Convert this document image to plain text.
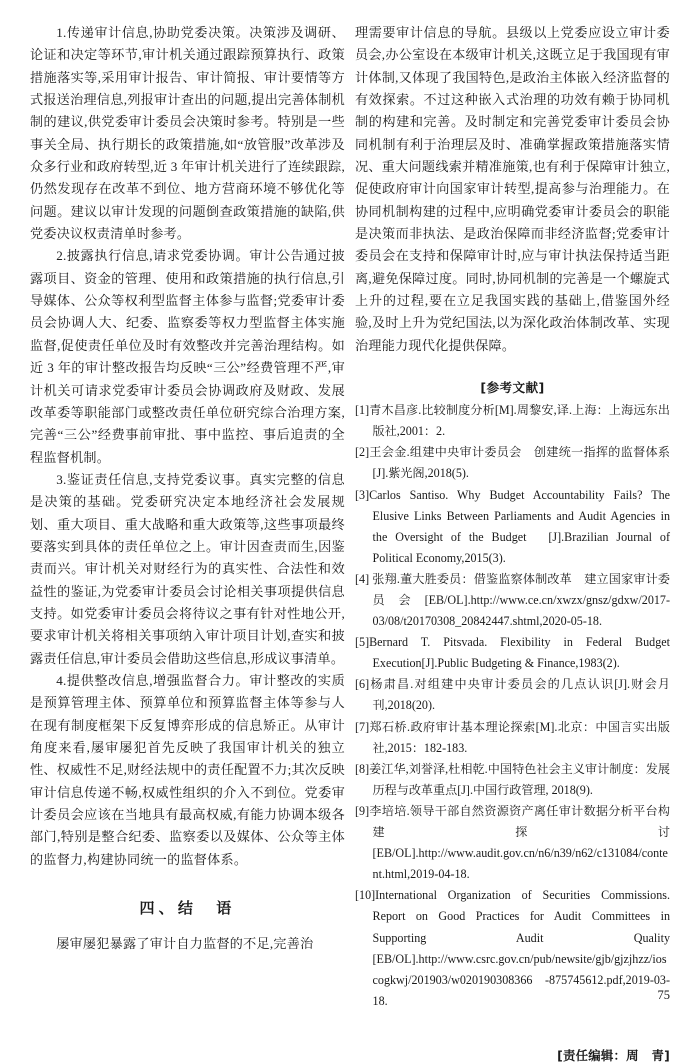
1.传递审计信息,协助党委决策。决策涉及调研、论证和决定等环节,审计机关通过跟踪预算执行、政策措施落实等,采用审计报告、审计简报、审计要情等方式报送治理信息,列报审计查出的问题,提出完善体制机制的建议,供党委审计委员会决策时参考。特别是一些事关全局、执行期长的政策措施,如“放管服”改革涉及众多行业和政府转型,近 3 年审计机关进行了连续跟踪,仍然发现存在改革不到位、地方营商环境不够优化等问题。建议以审计发现的问题倒查政策措施的缺陷,供党委决议权责清单时参考。

2.披露执行信息,请求党委协调。审计公告通过披露项目、资金的管理、使用和政策措施的执行信息,引导媒体、公众等权利型监督主体参与监督;党委审计委员会协调人大、纪委、监察委等权力型监督主体实施监督,促使责任单位及时有效整改并完善治理结构。如近 3 年的审计整改报告均反映“三公”经费管理不严,审计机关可请求党委审计委员会协调政府及财政、发展改革委等职能部门或整改责任单位研究综合治理方案,完善“三公”经费事前审批、事中监控、事后追责的全程监督机制。

3.鉴证责任信息,支持党委议事。真实完整的信息是决策的基础。党委研究决定本地经济社会发展规划、重大项目、重大战略和重大政策等,这些事项最终要落实到具体的责任单位之上。审计因查责而生,因鉴责而兴。审计机关对财经行为的真实性、合法性和效益性的鉴证,为党委审计委员会讨论相关事项提供信息支持。如党委审计委员会将待议之事有针对性地公开,要求审计机关将相关事项纳入审计项目计划,查实和披露责任信息,审计委员会借助这些信息,形成议事清单。

4.提供整改信息,增强监督合力。审计整改的实质是预算管理主体、预算单位和预算监督主体等参与人在现有制度框架下反复博弈形成的信息矫正。从审计角度来看,屡审屡犯首先反映了我国审计机关的独立性、权威性不足,财经法规中的责任配置不力;其次反映审计信息传递不畅,权威性组织的介入不到位。党委审计委员会应该在当地具有最高权威,有能力协调本级各部门,特别是整合纪委、监察委以及媒体、公众等主体的监督力,构建协同统一的监督体系。

四、结　语

屡审屡犯暴露了审计自力监督的不足,完善治

理需要审计信息的导航。县级以上党委应设立审计委员会,办公室设在本级审计机关,这既立足于我国现有审计体制,又体现了我国特色,是政治主体嵌入经济监督的有效探索。不过这种嵌入式治理的功效有赖于协同机制的构建和完善。及时制定和完善党委审计委员会协同机制有利于治理层及时、准确掌握政策措施落实情况、重大问题线索并精准施策,也有利于保障审计独立,促使政府审计向国家审计转型,提高参与治理能力。在协同机制构建的过程中,应明确党委审计委员会的职能是决策而非执法、是政治保障而非经济监督;党委审计委员会在支持和保障审计时,应与审计执法保持适当距离,避免保障过度。同时,协同机制的完善是一个螺旋式上升的过程,要在立足我国实践的基础上,借鉴国外经验,及时上升为党纪国法,以为深化政治体制改革、实现治理能力现代化提供保障。

[参考文献]
[1]青木昌彦.比较制度分析[M].周黎安,译.上海：上海远东出版社,2001：2.
[2]王会金.组建中央审计委员会　创建统一指挥的监督体系[J].紫光阁,2018(5).
[3]Carlos Santiso. Why Budget Accountability Fails? The Elusive Links Between Parliaments and Audit Agencies in the Oversight of the Budget　[J].Brazilian Journal of Political Economy,2015(3).
[4] 张翔.董大胜委员：借鉴监察体制改革　建立国家审计委员会[EB/OL].http://www.ce.cn/xwzx/gnsz/gdxw/2017-03/08/t20170308_20842447.shtml,2020-05-18.
[5]Bernard T. Pitsvada. Flexibility in Federal Budget Execution[J].Public Budgeting & Finance,1983(2).
[6]杨肃昌.对组建中央审计委员会的几点认识[J].财会月刊,2018(20).
[7]郑石桥.政府审计基本理论探索[M].北京：中国言实出版社,2015：182-183.
[8]姜江华,刘誉泽,杜相乾.中国特色社会主义审计制度：发展历程与改革重点[J].中国行政管理, 2018(9).
[9]李培培.领导干部自然资源资产离任审计数据分析平台构建探讨[EB/OL].http://www.audit.gov.cn/n6/n39/n62/c131084/content.html,2019-04-18.
[10]International Organization of Securities Commissions. Report on Good Practices for Audit Committees in Supporting Audit Quality　[EB/OL].http://www.csrc.gov.cn/pub/newsite/gjb/gjzjhzz/ioscogkwj/201903/w020190308366 -875745612.pdf,2019-03-18.
[责任编辑：周　青]
75
